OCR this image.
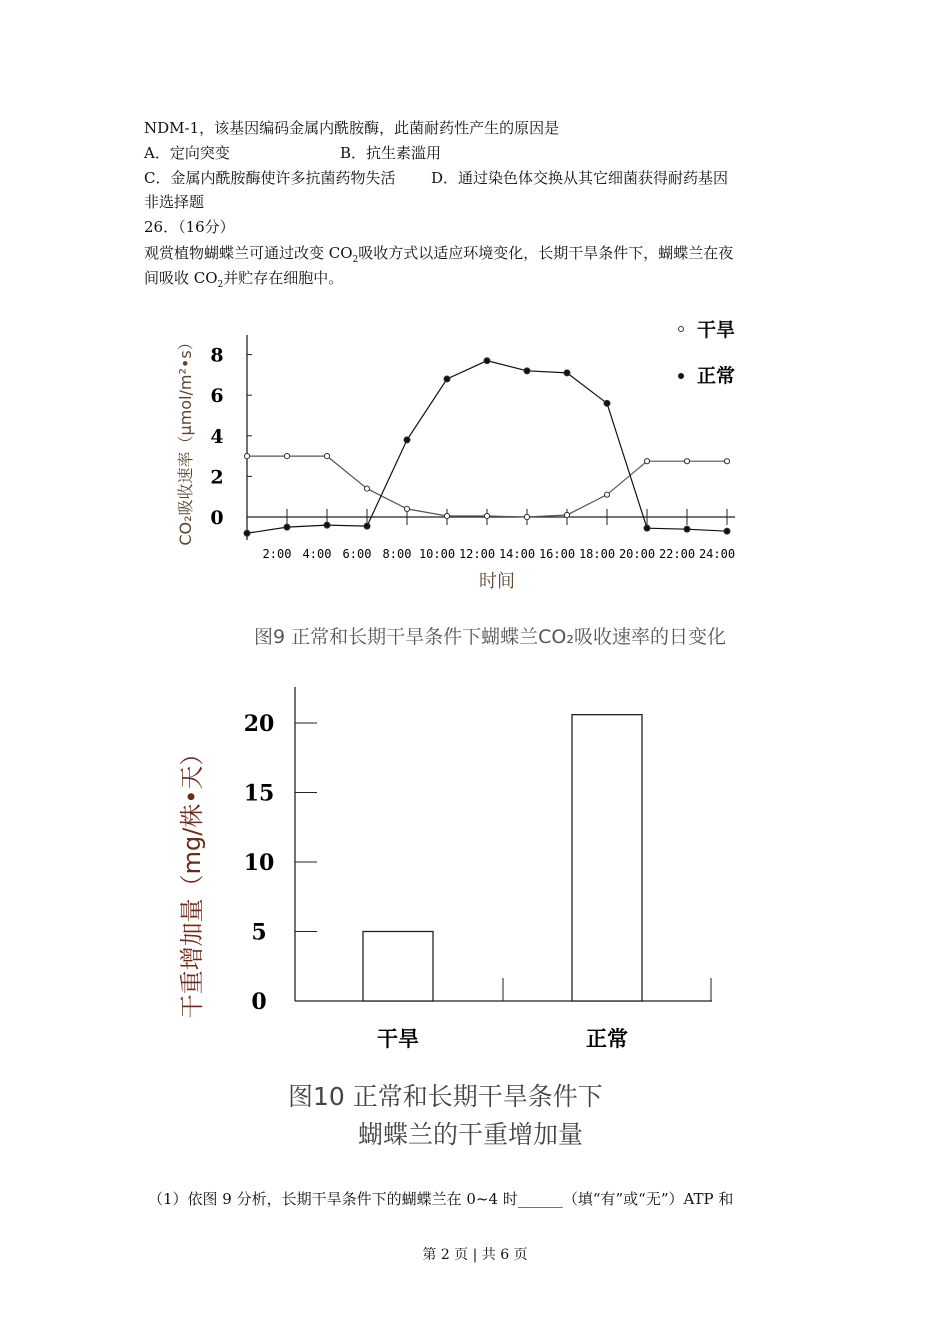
NDM-1，该基因编码金属内酰胺酶，此菌耐药性产生的原因是
A．定向突变	B．抗生素滥用
C．金属内酰胺酶使许多抗菌药物失活 D．通过染色体交换从其它细菌获得耐药基因
非选择题
26．（16分）
观赏植物蝴蝶兰可通过改变 $CO_2$吸收方式以适应环境变化，长期干旱条件下，蝴蝶兰在夜
间吸收 $CO_2$并贮存在细胞中。
2:00 4:00 6:00 8:00 10:00 12:00 14:00 16:00 18:00 20:00 22:00 24:00
0
2
4
6
8
干旱
正常
CO₂吸收速率（μmol/m²•s）
时间
图9 正常和长期干旱条件下蝴蝶兰CO₂吸收速率的日变化
0
5
10
15
20
干旱	正常
干重增加量（mg/株•天）
图10 正常和长期干旱条件下
蝴蝶兰的干重增加量
（1）依图 9 分析，长期干旱条件下的蝴蝶兰在 0~4 时______（填“有”或“无”）ATP 和
第 2 页 | 共 6 页
